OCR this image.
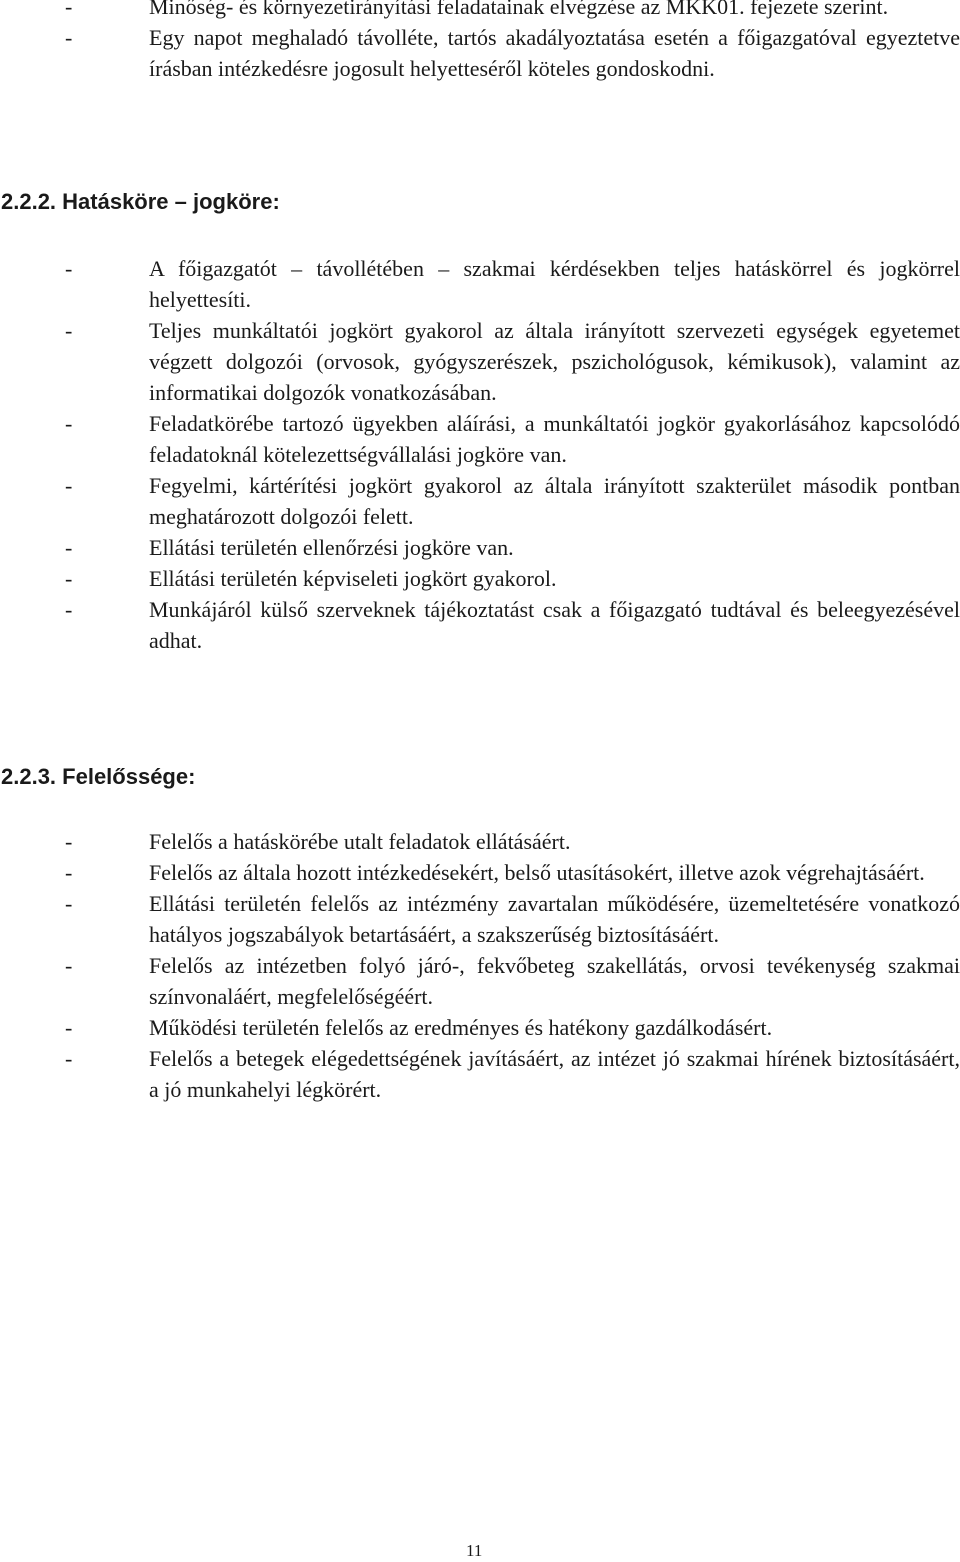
-	Minőség- és környezetirányítási feladatainak elvégzése az MKK01. fejezete szerint.
-	Egy napot meghaladó távolléte, tartós akadályoztatása esetén a főigazgatóval egyeztetve írásban intézkedésre jogosult helyetteséről köteles gondoskodni.
2.2.2. Hatásköre – jogköre:
-	A főigazgatót – távollétében – szakmai kérdésekben teljes hatáskörrel és jogkörrel helyettesíti.
-	Teljes munkáltatói jogkört gyakorol az általa irányított szervezeti egységek egyetemet végzett dolgozói (orvosok, gyógyszerészek, pszichológusok, kémikusok), valamint az informatikai dolgozók vonatkozásában.
-	Feladatkörébe tartozó ügyekben aláírási, a munkáltatói jogkör gyakorlásához kapcsolódó feladatoknál kötelezettségvállalási jogköre van.
-	Fegyelmi, kártérítési jogkört gyakorol az általa irányított szakterület második pontban meghatározott dolgozói felett.
-	Ellátási területén ellenőrzési jogköre van.
-	Ellátási területén képviseleti jogkört gyakorol.
-	Munkájáról külső szerveknek tájékoztatást csak a főigazgató tudtával és beleegyezésével adhat.
2.2.3. Felelőssége:
-	Felelős a hatáskörébe utalt feladatok ellátásáért.
-	Felelős az általa hozott intézkedésekért, belső utasításokért, illetve azok végrehajtásáért.
-	Ellátási területén felelős az intézmény zavartalan működésére, üzemeltetésére vonatkozó hatályos jogszabályok betartásáért, a szakszerűség biztosításáért.
-	Felelős az intézetben folyó járó-, fekvőbeteg szakellátás, orvosi tevékenység szakmai színvonaláért, megfelelőségéért.
-	Működési területén felelős az eredményes és hatékony gazdálkodásért.
-	Felelős a betegek elégedettségének javításáért, az intézet jó szakmai hírének biztosításáért, a jó munkahelyi légkörért.
11
